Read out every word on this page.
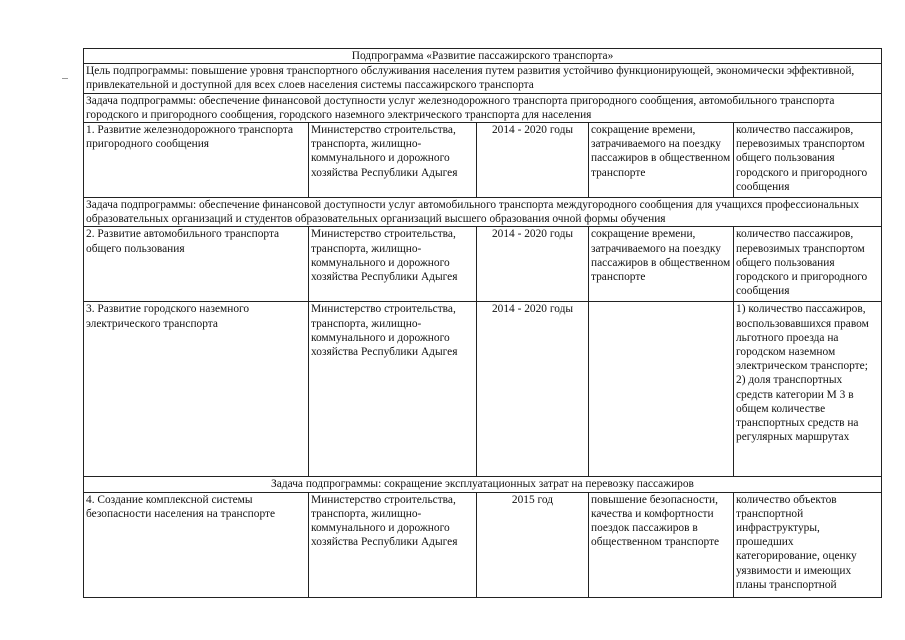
Подпрограмма «Развитие пассажирского транспорта»				
Цель подпрограммы: повышение уровня транспортного обслуживания населения путем развития устойчиво функционирующей, экономически эффективной, привлекательной и доступной для всех слоев населения системы пассажирского транспорта				
Задача подпрограммы: обеспечение финансовой доступности услуг железнодорожного транспорта пригородного сообщения, автомобильного транспорта городского и пригородного сообщения, городского наземного электрического транспорта для населения				
1. Развитие железнодорожного транспорта пригородного сообщения	Министерство строительства, транспорта, жилищно-коммунального и дорожного хозяйства Республики Адыгея	2014 - 2020 годы	сокращение времени, затрачиваемого на поездку пассажиров в общественном транспорте	количество пассажиров, перевозимых транспортом общего пользования городского и пригородного сообщения
Задача подпрограммы: обеспечение финансовой доступности услуг автомобильного транспорта междугородного сообщения для учащихся профессиональных образовательных организаций и студентов образовательных организаций высшего образования очной формы обучения				
2. Развитие автомобильного транспорта общего пользования	Министерство строительства, транспорта, жилищно-коммунального и дорожного хозяйства Республики Адыгея	2014 - 2020 годы	сокращение времени, затрачиваемого на поездку пассажиров в общественном транспорте	количество пассажиров, перевозимых транспортом общего пользования городского и пригородного сообщения
3. Развитие городского наземного электрического транспорта	Министерство строительства, транспорта, жилищно-коммунального и дорожного хозяйства Республики Адыгея	2014 - 2020 годы		1) количество пассажиров, воспользовавшихся правом льготного проезда на городском наземном электрическом транспорте; 2) доля транспортных средств категории М 3 в общем количестве транспортных средств на регулярных маршрутах
Задача подпрограммы: сокращение эксплуатационных затрат на перевозку пассажиров				
4. Создание комплексной системы безопасности населения на транспорте	Министерство строительства, транспорта, жилищно-коммунального и дорожного хозяйства Республики Адыгея	2015 год	повышение безопасности, качества и комфортности поездок пассажиров в общественном транспорте	количество объектов транспортной инфраструктуры, прошедших категорирование, оценку уязвимости и имеющих планы транспортной
